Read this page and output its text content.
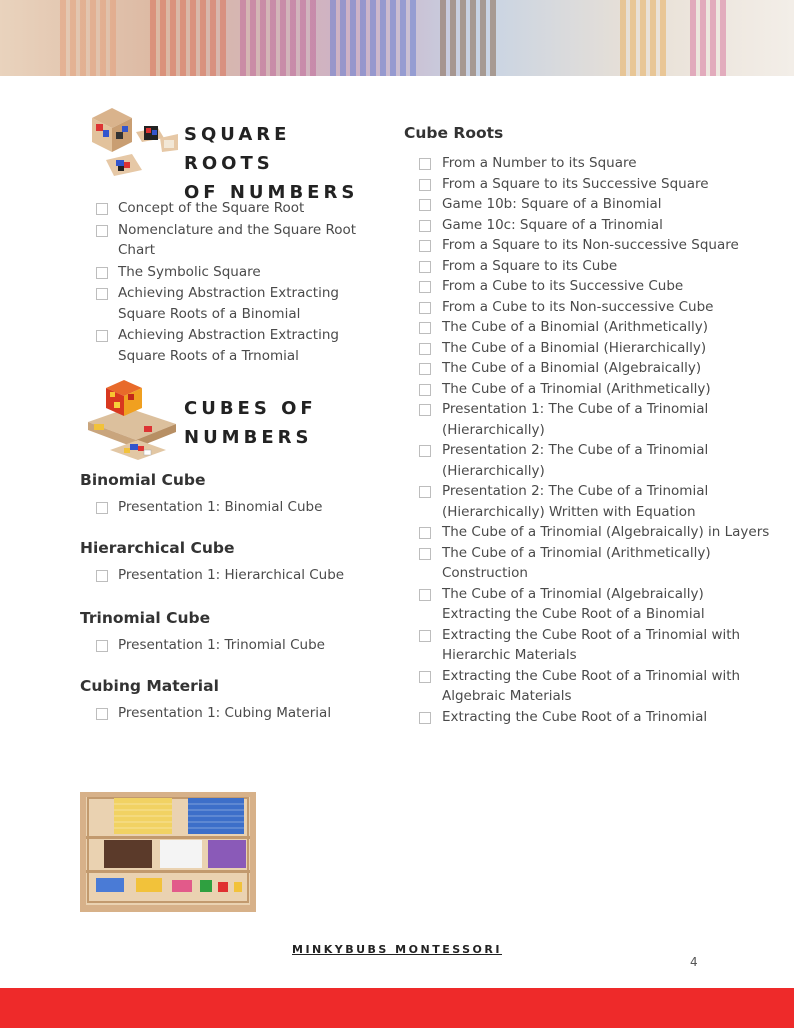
SQUARE ROOTS
OF NUMBERS
Concept of the Square Root
Nomenclature and the Square Root Chart
The Symbolic Square
Achieving Abstraction Extracting Square Roots of a Binomial
Achieving Abstraction Extracting Square Roots of a Trnomial
CUBES OF
NUMBERS
Binomial Cube
Presentation 1: Binomial Cube
Hierarchical Cube
Presentation 1: Hierarchical Cube
Trinomial Cube
Presentation 1: Trinomial Cube
Cubing Material
Presentation 1: Cubing Material
Cube Roots
From a Number to its Square
From a Square to its Successive Square
Game 10b: Square of a Binomial
Game 10c: Square of a Trinomial
From a Square to its Non-successive Square
From a Square to its Cube
From a Cube to its Successive Cube
From a Cube to its Non-successive Cube
The Cube of a Binomial (Arithmetically)
The Cube of a Binomial (Hierarchically)
The Cube of a Binomial (Algebraically)
The Cube of a Trinomial (Arithmetically)
Presentation 1: The Cube of a Trinomial (Hierarchically)
Presentation 2: The Cube of a Trinomial (Hierarchically)
Presentation 2: The Cube of a Trinomial (Hierarchically) Written with Equation
The Cube of a Trinomial (Algebraically) in Layers
The Cube of a Trinomial (Arithmetically) Construction
The Cube of a Trinomial (Algebraically) Extracting the Cube Root of a Binomial
Extracting the Cube Root of a Trinomial with Hierarchic Materials
Extracting the Cube Root of a Trinomial with Algebraic Materials
Extracting the Cube Root of a Trinomial
MINKYBUBS MONTESSORI
4
